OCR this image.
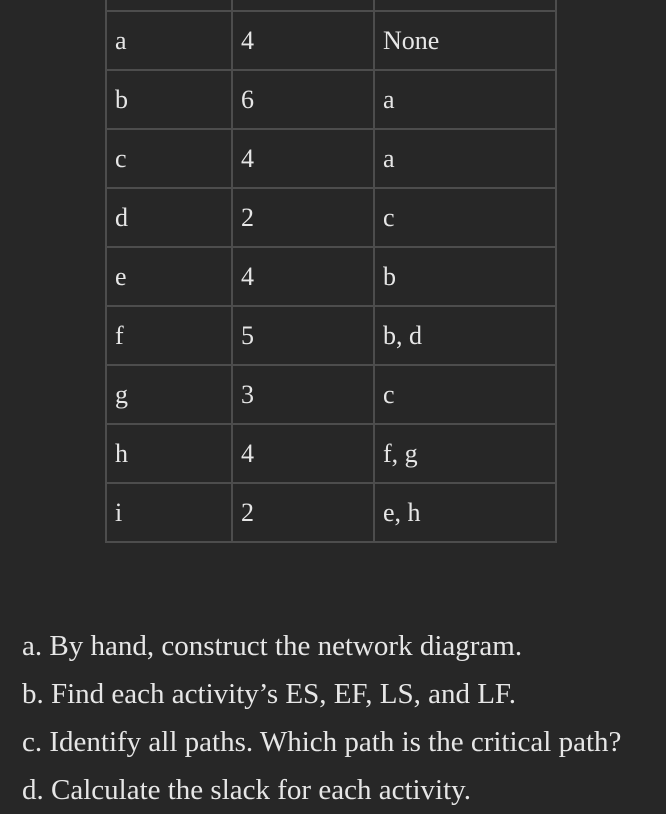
a	4	None
b	6	a
c	4	a
d	2	c
e	4	b
f	5	b, d
g	3	c
h	4	f, g
i	2	e, h
a. By hand, construct the network diagram.
b. Find each activity’s ES, EF, LS, and LF.
c. Identify all paths. Which path is the critical path?
d. Calculate the slack for each activity.
